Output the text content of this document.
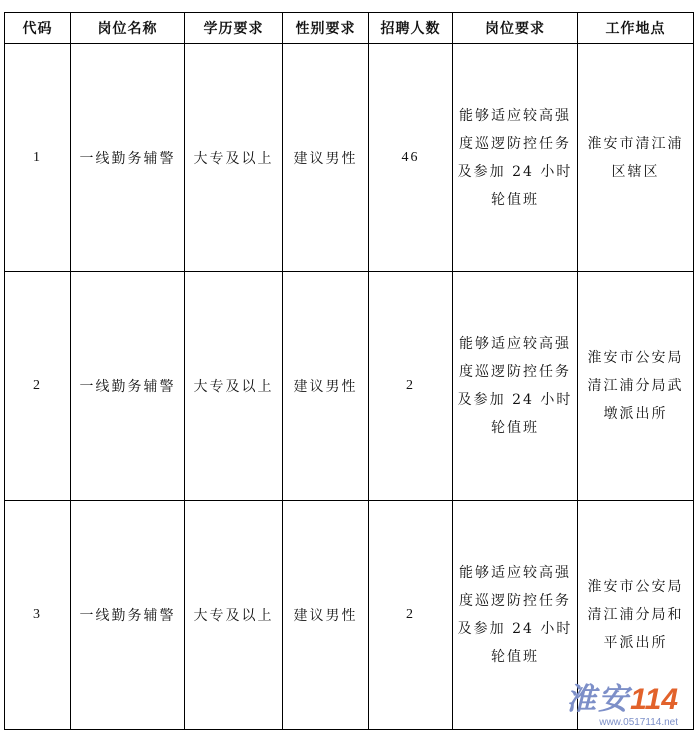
代码	岗位名称	学历要求	性别要求	招聘人数	岗位要求	工作地点
1	一线勤务辅警	大专及以上	建议男性	46	能够适应较高强
度巡逻防控任务
及参加 24 小时
轮值班	淮安市清江浦
区辖区

2	一线勤务辅警	大专及以上	建议男性	2	能够适应较高强
度巡逻防控任务
及参加 24 小时
轮值班	淮安市公安局
清江浦分局武
墩派出所

3	一线勤务辅警	大专及以上	建议男性	2	能够适应较高强
度巡逻防控任务
及参加 24 小时
轮值班	淮安市公安局
清江浦分局和
平派出所
淮安114
www.0517114.net
